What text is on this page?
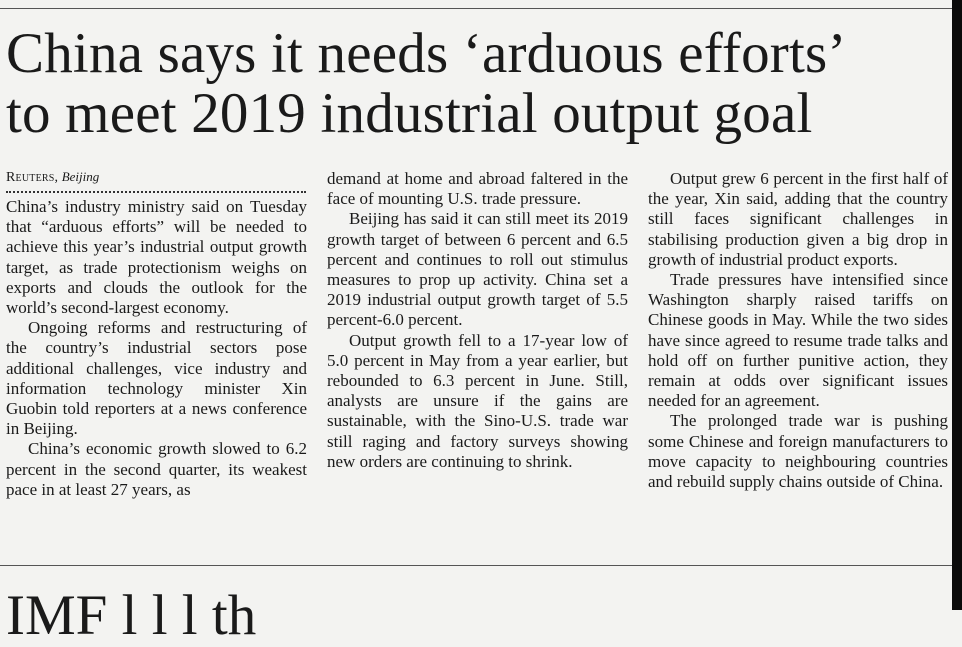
China says it needs ‘arduous efforts’
to meet 2019 industrial output goal
Reuters, Beijing

China’s industry ministry said on Tuesday that “arduous efforts” will be needed to achieve this year’s industrial output growth target, as trade protectionism weighs on exports and clouds the outlook for the world’s second-largest economy.

Ongoing reforms and restructuring of the country’s industrial sectors pose additional challenges, vice industry and information technology minister Xin Guobin told reporters at a news conference in Beijing.

China’s economic growth slowed to 6.2 percent in the second quarter, its weakest pace in at least 27 years, as

demand at home and abroad faltered in the face of mounting U.S. trade pressure.

Beijing has said it can still meet its 2019 growth target of between 6 percent and 6.5 percent and continues to roll out stimulus measures to prop up activity. China set a 2019 industrial output growth target of 5.5 percent-6.0 percent.

Output growth fell to a 17-year low of 5.0 percent in May from a year earlier, but rebounded to 6.3 percent in June. Still, analysts are unsure if the gains are sustainable, with the Sino-U.S. trade war still raging and factory surveys showing new orders are continuing to shrink.

Output grew 6 percent in the first half of the year, Xin said, adding that the country still faces significant challenges in stabilising production given a big drop in growth of industrial product exports.

Trade pressures have intensified since Washington sharply raised tariffs on Chinese goods in May. While the two sides have since agreed to resume trade talks and hold off on further punitive action, they remain at odds over significant issues needed for an agreement.

The prolonged trade war is pushing some Chinese and foreign manufacturers to move capacity to neighbouring countries and rebuild supply chains outside of China.

IMF l l l th
